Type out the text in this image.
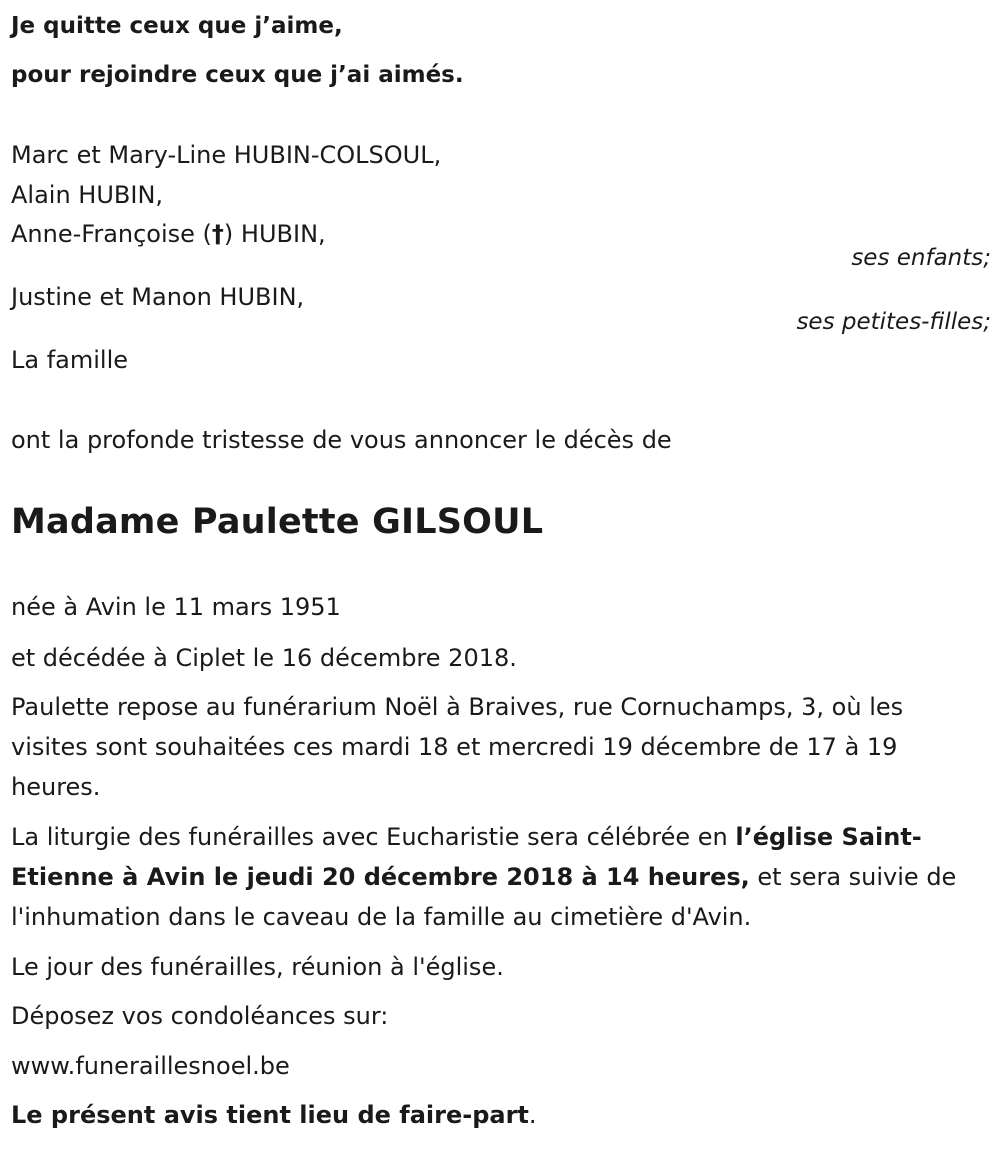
Je quitte ceux que j’aime,

pour rejoindre ceux que j’ai aimés.

Marc et Mary-Line HUBIN-COLSOUL,
Alain HUBIN,
Anne-Françoise (†) HUBIN,
ses enfants;
Justine et Manon HUBIN,
ses petites-filles;
La famille
ont la profonde tristesse de vous annoncer le décès de
Madame Paulette GILSOUL
née à Avin le 11 mars 1951
et décédée à Ciplet le 16 décembre 2018.
Paulette repose au funérarium Noël à Braives, rue Cornuchamps, 3, où les visites sont souhaitées ces mardi 18 et mercredi 19 décembre de 17 à 19 heures.
La liturgie des funérailles avec Eucharistie sera célébrée en l’église Saint-Etienne à Avin le jeudi 20 décembre 2018 à 14 heures, et sera suivie de l'inhumation dans le caveau de la famille au cimetière d'Avin.
Le jour des funérailles, réunion à l'église.
Déposez vos condoléances sur:
www.funeraillesnoel.be
Le présent avis tient lieu de faire-part.
